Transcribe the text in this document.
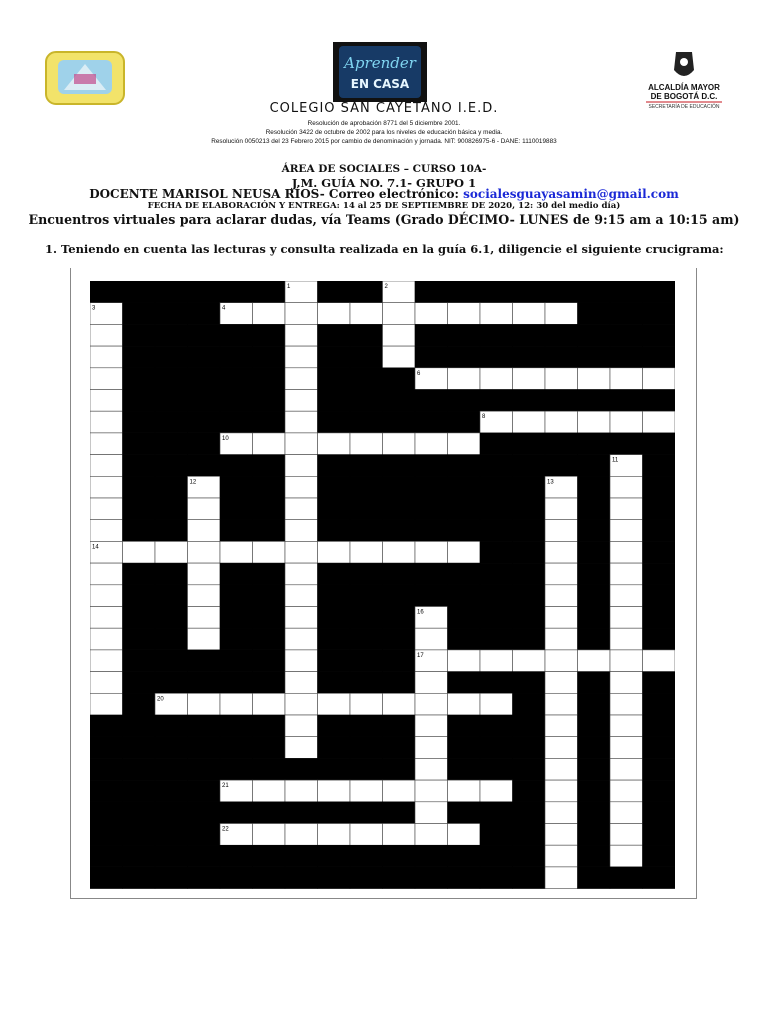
Aprender
EN CASA	ALCALDÍA MAYOR
DE BOGOTÁ D.C.
SECRETARÍA DE EDUCACIÓN
COLEGIO SAN CAYETANO I.E.D.
Resolución de aprobación 8771 del 5 diciembre 2001.
Resolución 3422 de octubre de 2002 para los niveles de educación básica y media.
Resolución 0050213 del 23 Febrero 2015 por cambio de denominación y jornada. NIT: 900826975-6 - DANE: 1110019883
ÁREA DE SOCIALES – CURSO 10A-
J.M. GUÍA NO. 7.1- GRUPO 1
DOCENTE MARISOL NEUSA RÍOS- Correo electrónico: socialesguayasamin@gmail.com
FECHA DE ELABORACIÓN Y ENTREGA: 14 al 25 DE SEPTIEMBRE DE 2020, 12: 30 del medio día)
Encuentros virtuales para aclarar dudas, vía Teams (Grado DÉCIMO- LUNES de 9:15 am a 10:15 am)
1. Teniendo en cuenta las lecturas y consulta realizada en la guía 6.1, diligencie el siguiente crucigrama:
1	2
3	4
6
8
10
11
12	13
14
16
17
20
21
22
